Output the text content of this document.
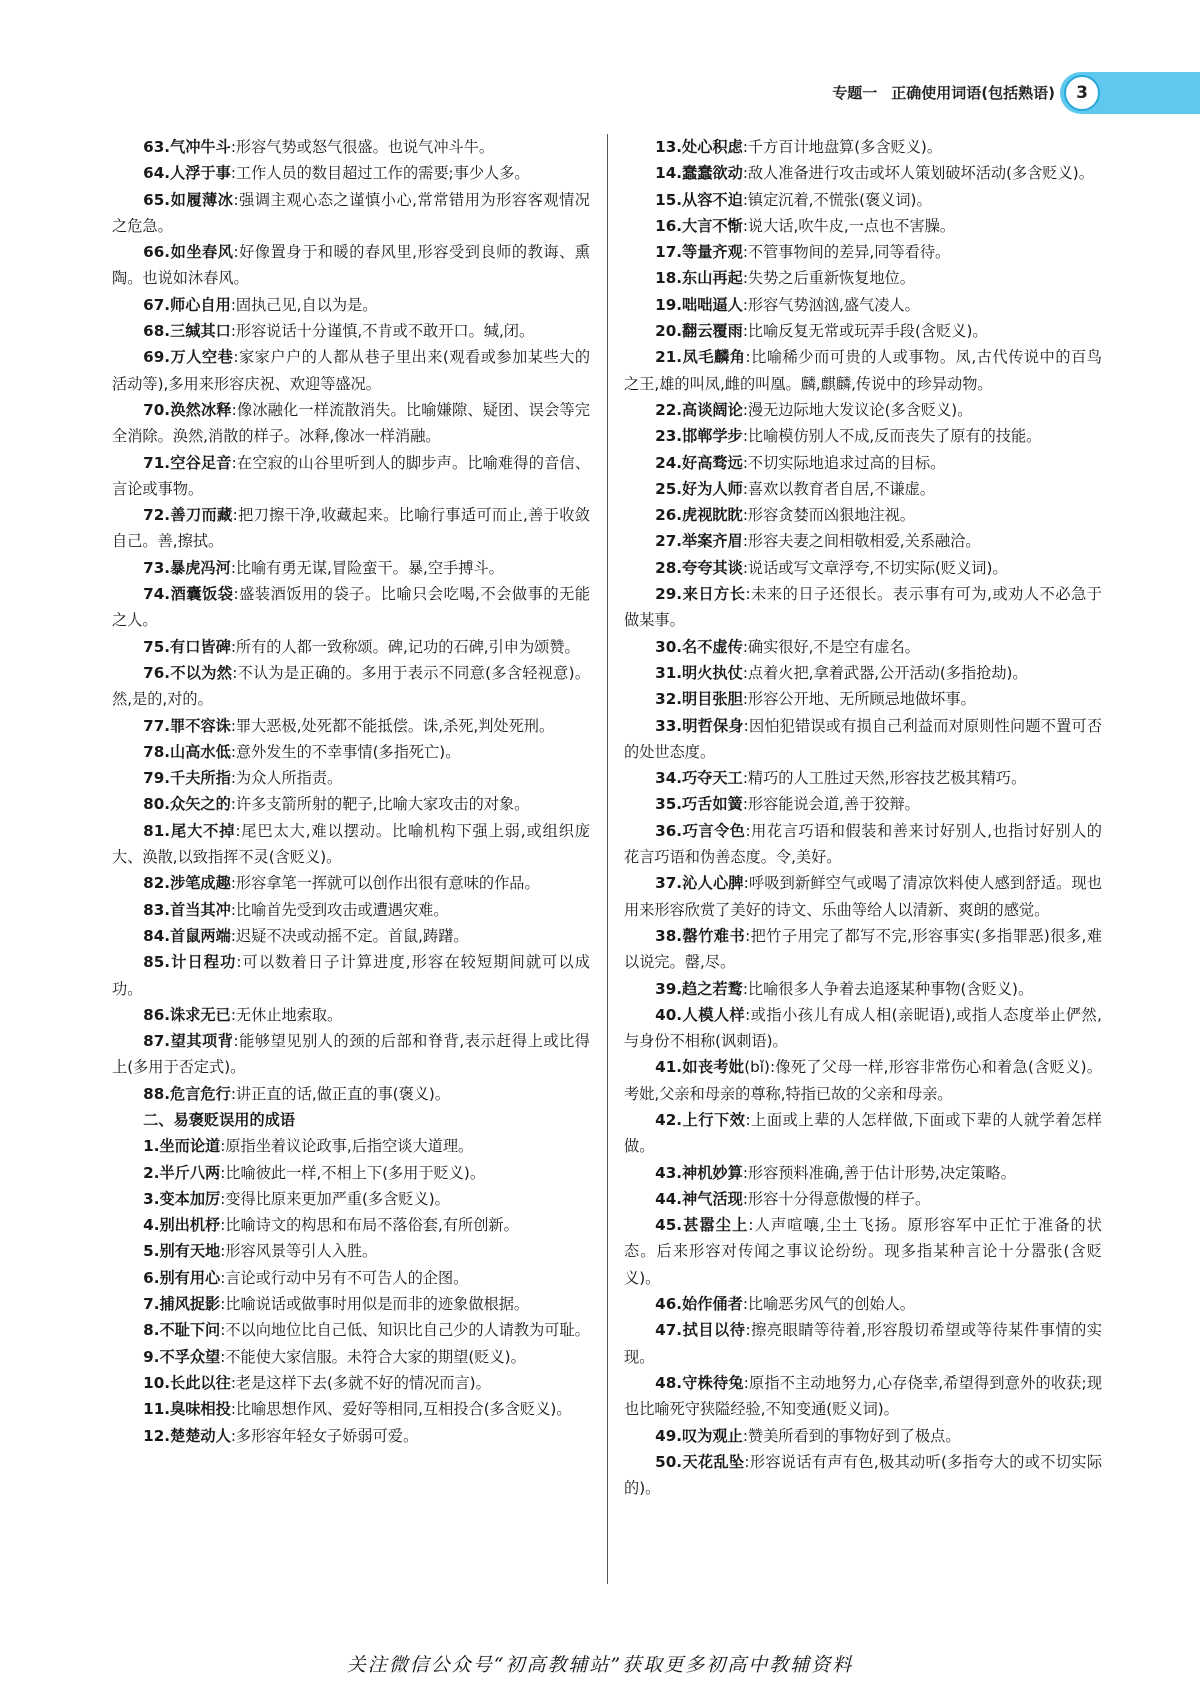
专题一 正确使用词语(包括熟语)	3
63.气冲牛斗:形容气势或怒气很盛。也说气冲斗牛。
64.人浮于事:工作人员的数目超过工作的需要;事少人多。
65.如履薄冰:强调主观心态之谨慎小心,常常错用为形容客观情况之危急。
66.如坐春风:好像置身于和暖的春风里,形容受到良师的教诲、熏陶。也说如沐春风。
67.师心自用:固执己见,自以为是。
68.三缄其口:形容说话十分谨慎,不肯或不敢开口。缄,闭。
69.万人空巷:家家户户的人都从巷子里出来(观看或参加某些大的活动等),多用来形容庆祝、欢迎等盛况。
70.涣然冰释:像冰融化一样流散消失。比喻嫌隙、疑团、误会等完全消除。涣然,消散的样子。冰释,像冰一样消融。
71.空谷足音:在空寂的山谷里听到人的脚步声。比喻难得的音信、言论或事物。
72.善刀而藏:把刀擦干净,收藏起来。比喻行事适可而止,善于收敛自己。善,擦拭。
73.暴虎冯河:比喻有勇无谋,冒险蛮干。暴,空手搏斗。
74.酒囊饭袋:盛装酒饭用的袋子。比喻只会吃喝,不会做事的无能之人。
75.有口皆碑:所有的人都一致称颂。碑,记功的石碑,引申为颂赞。
76.不以为然:不认为是正确的。多用于表示不同意(多含轻视意)。然,是的,对的。
77.罪不容诛:罪大恶极,处死都不能抵偿。诛,杀死,判处死刑。
78.山高水低:意外发生的不幸事情(多指死亡)。
79.千夫所指:为众人所指责。
80.众矢之的:许多支箭所射的靶子,比喻大家攻击的对象。
81.尾大不掉:尾巴太大,难以摆动。比喻机构下强上弱,或组织庞大、涣散,以致指挥不灵(含贬义)。
82.涉笔成趣:形容拿笔一挥就可以创作出很有意味的作品。
83.首当其冲:比喻首先受到攻击或遭遇灾难。
84.首鼠两端:迟疑不决或动摇不定。首鼠,踌躇。
85.计日程功:可以数着日子计算进度,形容在较短期间就可以成功。
86.诛求无已:无休止地索取。
87.望其项背:能够望见别人的颈的后部和脊背,表示赶得上或比得上(多用于否定式)。
88.危言危行:讲正直的话,做正直的事(褒义)。
二、易褒贬误用的成语
1.坐而论道:原指坐着议论政事,后指空谈大道理。
2.半斤八两:比喻彼此一样,不相上下(多用于贬义)。
3.变本加厉:变得比原来更加严重(多含贬义)。
4.别出机杼:比喻诗文的构思和布局不落俗套,有所创新。
5.别有天地:形容风景等引人入胜。
6.别有用心:言论或行动中另有不可告人的企图。
7.捕风捉影:比喻说话或做事时用似是而非的迹象做根据。
8.不耻下问:不以向地位比自己低、知识比自己少的人请教为可耻。
9.不孚众望:不能使大家信服。未符合大家的期望(贬义)。
10.长此以往:老是这样下去(多就不好的情况而言)。
11.臭味相投:比喻思想作风、爱好等相同,互相投合(多含贬义)。
12.楚楚动人:多形容年轻女子娇弱可爱。
13.处心积虑:千方百计地盘算(多含贬义)。
14.蠢蠢欲动:敌人准备进行攻击或坏人策划破坏活动(多含贬义)。
15.从容不迫:镇定沉着,不慌张(褒义词)。
16.大言不惭:说大话,吹牛皮,一点也不害臊。
17.等量齐观:不管事物间的差异,同等看待。
18.东山再起:失势之后重新恢复地位。
19.咄咄逼人:形容气势汹汹,盛气凌人。
20.翻云覆雨:比喻反复无常或玩弄手段(含贬义)。
21.凤毛麟角:比喻稀少而可贵的人或事物。凤,古代传说中的百鸟之王,雄的叫凤,雌的叫凰。麟,麒麟,传说中的珍异动物。
22.高谈阔论:漫无边际地大发议论(多含贬义)。
23.邯郸学步:比喻模仿别人不成,反而丧失了原有的技能。
24.好高骛远:不切实际地追求过高的目标。
25.好为人师:喜欢以教育者自居,不谦虚。
26.虎视眈眈:形容贪婪而凶狠地注视。
27.举案齐眉:形容夫妻之间相敬相爱,关系融洽。
28.夸夸其谈:说话或写文章浮夸,不切实际(贬义词)。
29.来日方长:未来的日子还很长。表示事有可为,或劝人不必急于做某事。
30.名不虚传:确实很好,不是空有虚名。
31.明火执仗:点着火把,拿着武器,公开活动(多指抢劫)。
32.明目张胆:形容公开地、无所顾忌地做坏事。
33.明哲保身:因怕犯错误或有损自己利益而对原则性问题不置可否的处世态度。
34.巧夺天工:精巧的人工胜过天然,形容技艺极其精巧。
35.巧舌如簧:形容能说会道,善于狡辩。
36.巧言令色:用花言巧语和假装和善来讨好别人,也指讨好别人的花言巧语和伪善态度。令,美好。
37.沁人心脾:呼吸到新鲜空气或喝了清凉饮料使人感到舒适。现也用来形容欣赏了美好的诗文、乐曲等给人以清新、爽朗的感觉。
38.罄竹难书:把竹子用完了都写不完,形容事实(多指罪恶)很多,难以说完。罄,尽。
39.趋之若鹜:比喻很多人争着去追逐某种事物(含贬义)。
40.人模人样:或指小孩儿有成人相(亲昵语),或指人态度举止俨然,与身份不相称(讽刺语)。
41.如丧考妣(bǐ):像死了父母一样,形容非常伤心和着急(含贬义)。考妣,父亲和母亲的尊称,特指已故的父亲和母亲。
42.上行下效:上面或上辈的人怎样做,下面或下辈的人就学着怎样做。
43.神机妙算:形容预料准确,善于估计形势,决定策略。
44.神气活现:形容十分得意傲慢的样子。
45.甚嚣尘上:人声喧嚷,尘土飞扬。原形容军中正忙于准备的状态。后来形容对传闻之事议论纷纷。现多指某种言论十分嚣张(含贬义)。
46.始作俑者:比喻恶劣风气的创始人。
47.拭目以待:擦亮眼睛等待着,形容殷切希望或等待某件事情的实现。
48.守株待兔:原指不主动地努力,心存侥幸,希望得到意外的收获;现也比喻死守狭隘经验,不知变通(贬义词)。
49.叹为观止:赞美所看到的事物好到了极点。
50.天花乱坠:形容说话有声有色,极其动听(多指夸大的或不切实际的)。
关注微信公众号“初高教辅站”获取更多初高中教辅资料
